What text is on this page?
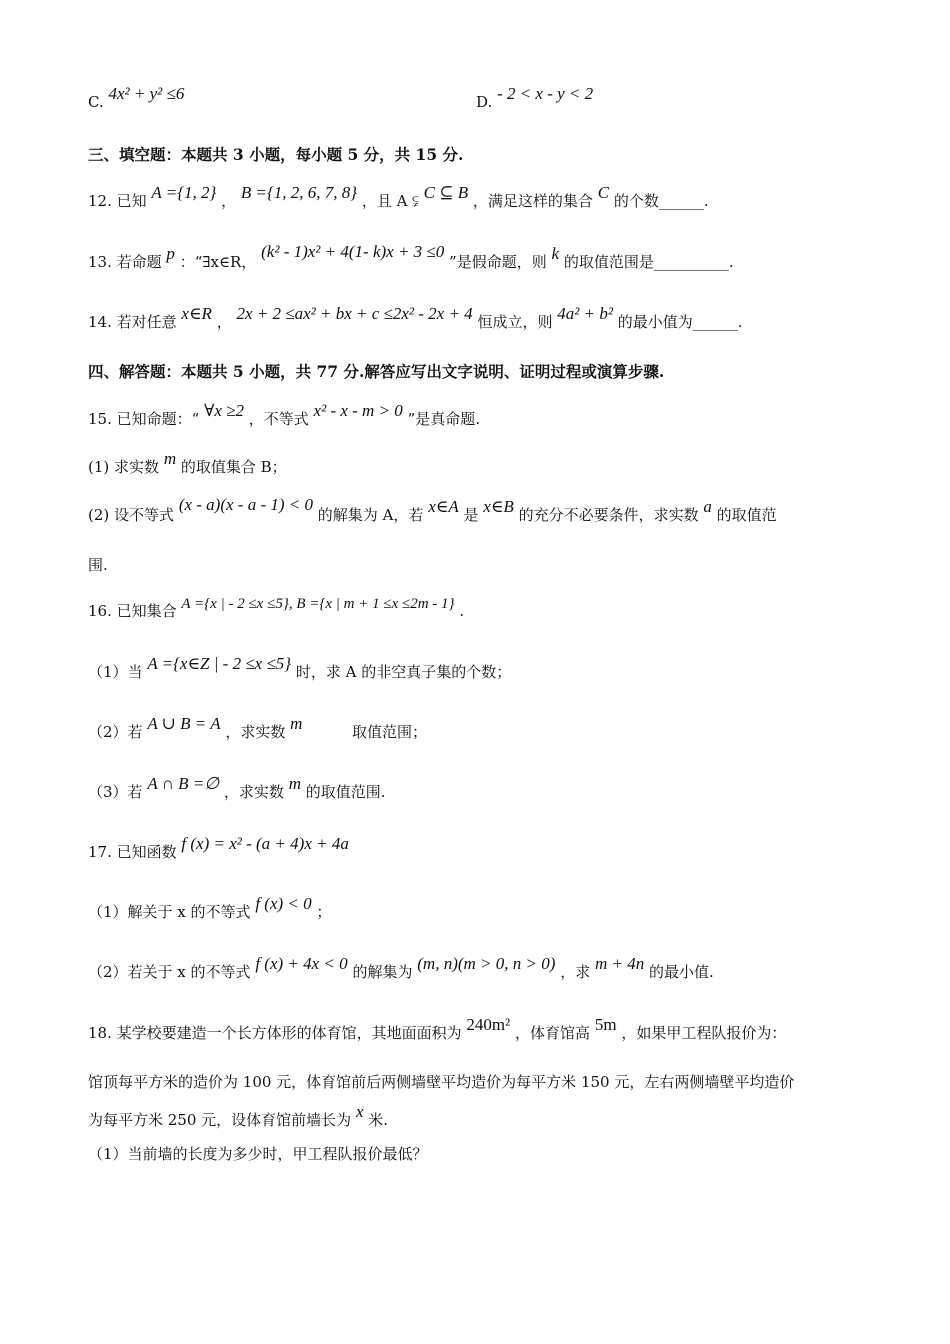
C. 4x² + y² ≤6	D. - 2 < x - y < 2
三、填空题：本题共 3 小题，每小题 5 分，共 15 分.
12. 已知 A ={1, 2} ， B ={1, 2, 6, 7, 8} ，且 A ⫋ C ⊆ B ，满足这样的集合 C 的个数______.
13. 若命题 p ：“∃x∈R， (k² - 1)x² + 4(1- k)x + 3 ≤0 ”是假命题，则 k 的取值范围是__________.
14. 若对任意 x∈R ， 2x + 2 ≤ax² + bx + c ≤2x² - 2x + 4 恒成立，则 4a² + b² 的最小值为______.
四、解答题：本题共 5 小题，共 77 分.解答应写出文字说明、证明过程或演算步骤.
15. 已知命题：“ ∀x ≥2 ，不等式 x² - x - m > 0 ”是真命题.
(1) 求实数 m 的取值集合 B；
(2) 设不等式 (x - a)(x - a - 1) < 0 的解集为 A，若 x∈A 是 x∈B 的充分不必要条件，求实数 a 的取值范
围.
16. 已知集合 A ={x | - 2 ≤x ≤5}, B ={x | m + 1 ≤x ≤2m - 1} .
（1）当 A ={x∈Z | - 2 ≤x ≤5} 时，求 A 的非空真子集的个数；
（2）若 A ∪ B = A ，求实数 m	取值范围；
（3）若 A ∩ B =∅ ，求实数 m 的取值范围.
17. 已知函数 f (x) = x² - (a + 4)x + 4a
（1）解关于 x 的不等式 f (x) < 0 ；
（2）若关于 x 的不等式 f (x) + 4x < 0 的解集为 (m, n)(m > 0, n > 0) ，求 m + 4n 的最小值.
18. 某学校要建造一个长方体形的体育馆，其地面面积为 240m² ，体育馆高 5m ，如果甲工程队报价为：
馆顶每平方米的造价为 100 元，体育馆前后两侧墙壁平均造价为每平方米 150 元，左右两侧墙壁平均造价
为每平方米 250 元，设体育馆前墙长为 x 米.
（1）当前墙的长度为多少时，甲工程队报价最低？
